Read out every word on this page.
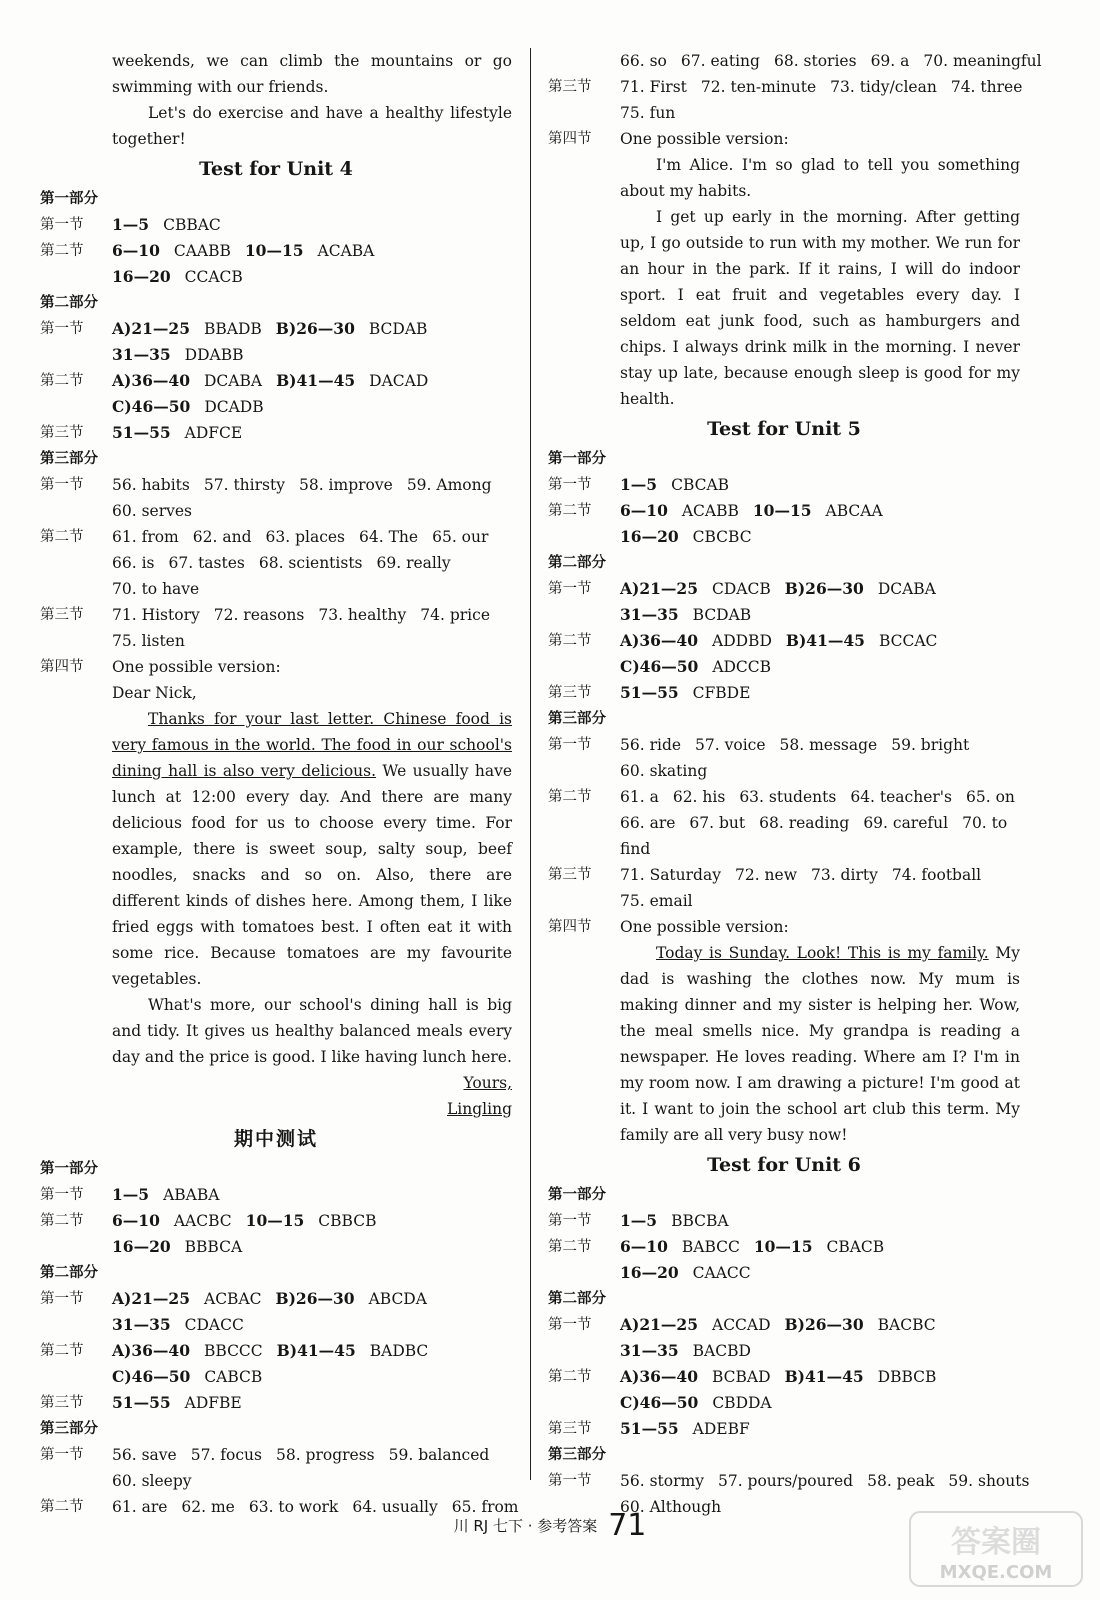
weekends, we can climb the mountains or go
swimming with our friends.
Let's do exercise and have a healthy lifestyle together!
Test for Unit 4
第一部分
第一节	1—5 CBBAC
第二节	6—10 CAABB 10—15 ACABA
16—20 CCACB
第二部分
第一节	A)21—25 BBADB B)26—30 BCDAB
31—35 DDABB
第二节	A)36—40 DCABA B)41—45 DACAD
C)46—50 DCADB
第三节	51—55 ADFCE
第三部分
第一节	56. habits 57. thirsty 58. improve 59. Among
60. serves
第二节	61. from 62. and 63. places 64. The 65. our
66. is 67. tastes 68. scientists 69. really
70. to have
第三节	71. History 72. reasons 73. healthy 74. price
75. listen
第四节	One possible version:
Dear Nick,
Thanks for your last letter. Chinese food is very famous in the world. The food in our school's dining hall is also very delicious. We usually have lunch at 12:00 every day. And there are many delicious food for us to choose every time. For example, there is sweet soup, salty soup, beef noodles, snacks and so on. Also, there are different kinds of dishes here. Among them, I like fried eggs with tomatoes best. I often eat it with some rice. Because tomatoes are my favourite vegetables.
What's more, our school's dining hall is big and tidy. It gives us healthy balanced meals every day and the price is good. I like having lunch here.
Yours,
Lingling
期中测试
第一部分
第一节	1—5 ABABA
第二节	6—10 AACBC 10—15 CBBCB
16—20 BBBCA
第二部分
第一节	A)21—25 ACBAC B)26—30 ABCDA
31—35 CDACC
第二节	A)36—40 BBCCC B)41—45 BADBC
C)46—50 CABCB
第三节	51—55 ADFBE
第三部分
第一节	56. save 57. focus 58. progress 59. balanced
60. sleepy
第二节	61. are 62. me 63. to work 64. usually 65. from
66. so 67. eating 68. stories 69. a 70. meaningful
第三节	71. First 72. ten-minute 73. tidy/clean 74. three
75. fun
第四节	One possible version:
I'm Alice. I'm so glad to tell you something about my habits.
I get up early in the morning. After getting up, I go outside to run with my mother. We run for an hour in the park. If it rains, I will do indoor sport. I eat fruit and vegetables every day. I seldom eat junk food, such as hamburgers and chips. I always drink milk in the morning. I never stay up late, because enough sleep is good for my health.
Test for Unit 5
第一部分
第一节	1—5 CBCAB
第二节	6—10 ACABB 10—15 ABCAA
16—20 CBCBC
第二部分
第一节	A)21—25 CDACB B)26—30 DCABA
31—35 BCDAB
第二节	A)36—40 ADDBD B)41—45 BCCAC
C)46—50 ADCCB
第三节	51—55 CFBDE
第三部分
第一节	56. ride 57. voice 58. message 59. bright
60. skating
第二节	61. a 62. his 63. students 64. teacher's 65. on
66. are 67. but 68. reading 69. careful 70. to
find
第三节	71. Saturday 72. new 73. dirty 74. football
75. email
第四节	One possible version:
Today is Sunday. Look! This is my family. My dad is washing the clothes now. My mum is making dinner and my sister is helping her. Wow, the meal smells nice. My grandpa is reading a newspaper. He loves reading. Where am I? I'm in my room now. I am drawing a picture! I'm good at it. I want to join the school art club this term. My family are all very busy now!
Test for Unit 6
第一部分
第一节	1—5 BBCBA
第二节	6—10 BABCC 10—15 CBACB
16—20 CAACC
第二部分
第一节	A)21—25 ACCAD B)26—30 BACBC
31—35 BACBD
第二节	A)36—40 BCBAD B)41—45 DBBCB
C)46—50 CBDDA
第三节	51—55 ADEBF
第三部分
第一节	56. stormy 57. pours/poured 58. peak 59. shouts
60. Although
川 RJ 七下 · 参考答案 71	答案圈
MXQE.COM
